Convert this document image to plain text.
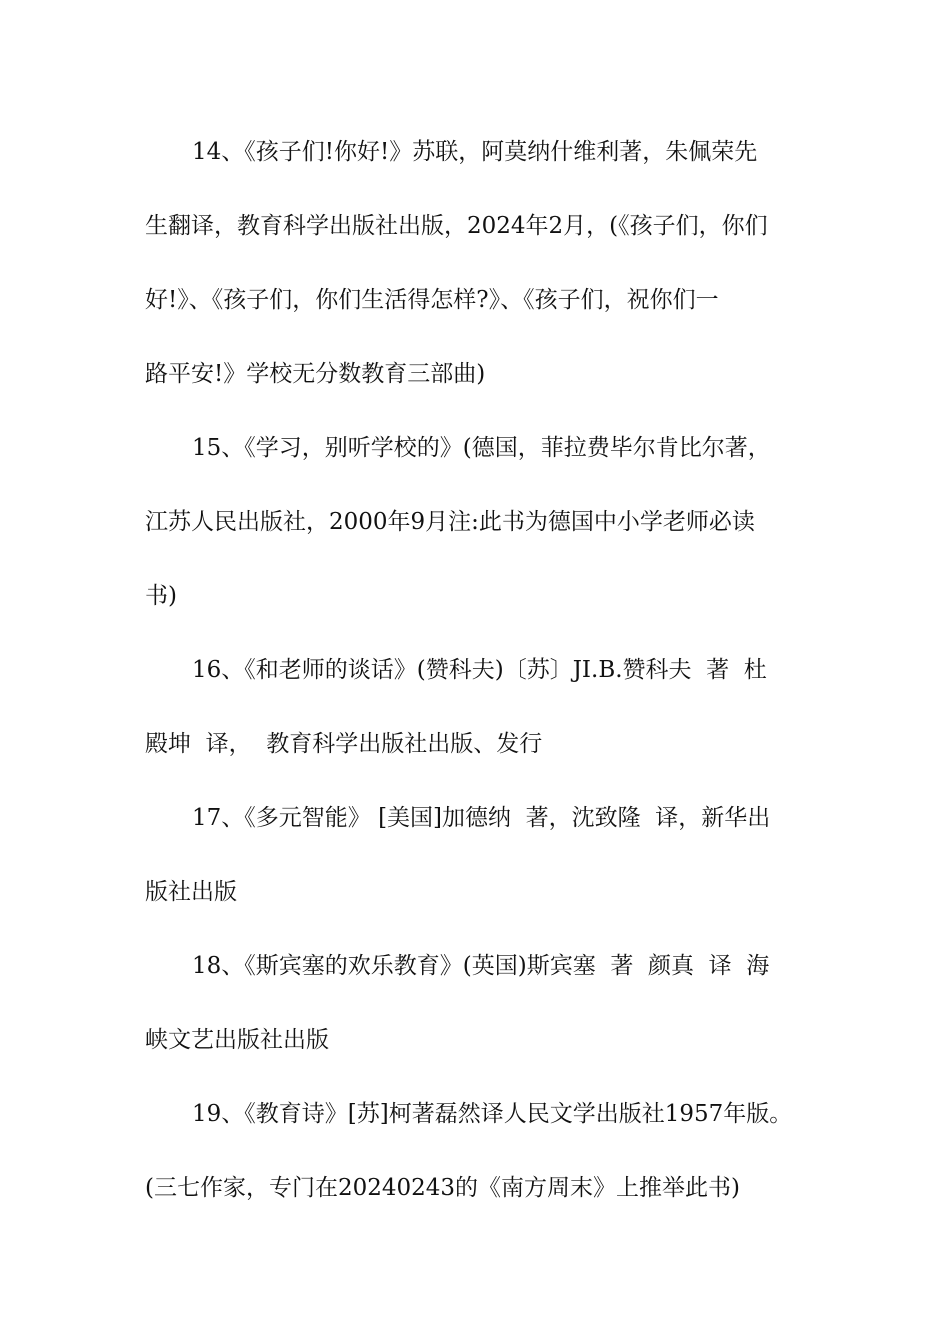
14、《孩子们!你好!》苏联，阿莫纳什维利著，朱佩荣先
生翻译，教育科学出版社出版，2024年2月，(《孩子们，你们
好!》、《孩子们，你们生活得怎样?》、《孩子们，祝你们一
路平安!》学校无分数教育三部曲)
15、《学习，别听学校的》(德国，菲拉费毕尔肯比尔著，
江苏人民出版社，2000年9月注:此书为德国中小学老师必读
书)
16、《和老师的谈话》(赞科夫)〔苏〕JI.B.赞科夫  著  杜
殿坤  译，  教育科学出版社出版、发行
17、《多元智能》 [美国]加德纳  著，沈致隆  译，新华出
版社出版
18、《斯宾塞的欢乐教育》(英国)斯宾塞  著  颜真  译  海
峡文艺出版社出版
19、《教育诗》[苏]柯著磊然译人民文学出版社1957年版。
(三七作家，专门在20240243的《南方周末》上推举此书)
